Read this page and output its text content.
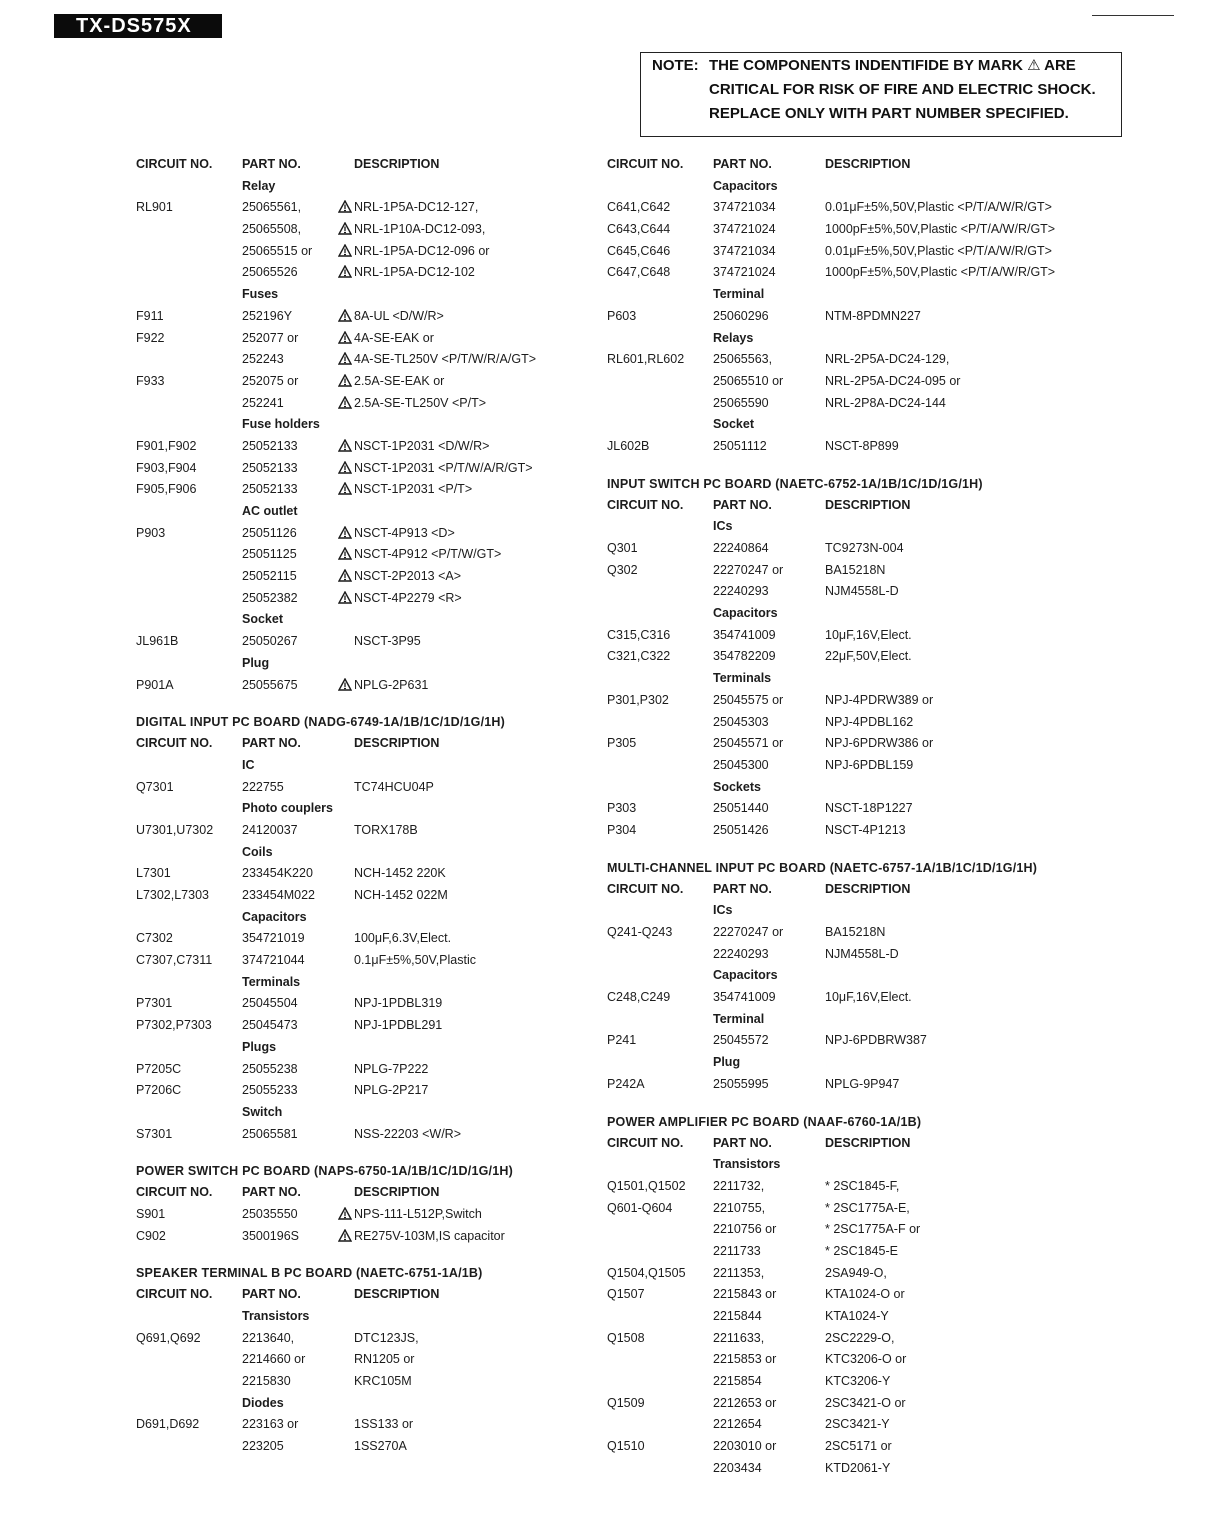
TX-DS575X
NOTE: THE COMPONENTS INDENTIFIDE BY MARK ⚠ ARE
CRITICAL FOR RISK OF FIRE AND ELECTRIC SHOCK.
REPLACE ONLY WITH PART NUMBER SPECIFIED.
CIRCUIT NO.	PART NO.	DESCRIPTION
Relay
RL901	25065561,	NRL-1P5A-DC12-127,
25065508,	NRL-1P10A-DC12-093,
25065515 or	NRL-1P5A-DC12-096 or
25065526	NRL-1P5A-DC12-102
Fuses
F911	252196Y	8A-UL <D/W/R>
F922	252077 or	4A-SE-EAK or
252243	4A-SE-TL250V <P/T/W/R/A/GT>
F933	252075 or	2.5A-SE-EAK or
252241	2.5A-SE-TL250V <P/T>
Fuse holders
F901,F902	25052133	NSCT-1P2031 <D/W/R>
F903,F904	25052133	NSCT-1P2031 <P/T/W/A/R/GT>
F905,F906	25052133	NSCT-1P2031 <P/T>
AC outlet
P903	25051126	NSCT-4P913 <D>
25051125	NSCT-4P912 <P/T/W/GT>
25052115	NSCT-2P2013 <A>
25052382	NSCT-4P2279 <R>
Socket
JL961B	25050267	NSCT-3P95
Plug
P901A	25055675	NPLG-2P631
DIGITAL INPUT PC BOARD (NADG-6749-1A/1B/1C/1D/1G/1H)
CIRCUIT NO.	PART NO.	DESCRIPTION
IC
Q7301	222755	TC74HCU04P
Photo couplers
U7301,U7302	24120037	TORX178B
Coils
L7301	233454K220	NCH-1452 220K
L7302,L7303	233454M022	NCH-1452 022M
Capacitors
C7302	354721019	100μF,6.3V,Elect.
C7307,C7311	374721044	0.1μF±5%,50V,Plastic
Terminals
P7301	25045504	NPJ-1PDBL319
P7302,P7303	25045473	NPJ-1PDBL291
Plugs
P7205C	25055238	NPLG-7P222
P7206C	25055233	NPLG-2P217
Switch
S7301	25065581	NSS-22203 <W/R>
POWER SWITCH PC BOARD (NAPS-6750-1A/1B/1C/1D/1G/1H)
CIRCUIT NO.	PART NO.	DESCRIPTION
S901	25035550	NPS-111-L512P,Switch
C902	3500196S	RE275V-103M,IS capacitor
SPEAKER TERMINAL B PC BOARD (NAETC-6751-1A/1B)
CIRCUIT NO.	PART NO.	DESCRIPTION
Transistors
Q691,Q692	2213640,	DTC123JS,
2214660 or	RN1205 or
2215830	KRC105M
Diodes
D691,D692	223163 or	1SS133 or
223205	1SS270A
CIRCUIT NO.	PART NO.	DESCRIPTION
Capacitors
C641,C642	374721034	0.01μF±5%,50V,Plastic <P/T/A/W/R/GT>
C643,C644	374721024	1000pF±5%,50V,Plastic <P/T/A/W/R/GT>
C645,C646	374721034	0.01μF±5%,50V,Plastic <P/T/A/W/R/GT>
C647,C648	374721024	1000pF±5%,50V,Plastic <P/T/A/W/R/GT>
Terminal
P603	25060296	NTM-8PDMN227
Relays
RL601,RL602	25065563,	NRL-2P5A-DC24-129,
25065510 or	NRL-2P5A-DC24-095 or
25065590	NRL-2P8A-DC24-144
Socket
JL602B	25051112	NSCT-8P899
INPUT SWITCH PC BOARD (NAETC-6752-1A/1B/1C/1D/1G/1H)
CIRCUIT NO.	PART NO.	DESCRIPTION
ICs
Q301	22240864	TC9273N-004
Q302	22270247 or	BA15218N
22240293	NJM4558L-D
Capacitors
C315,C316	354741009	10μF,16V,Elect.
C321,C322	354782209	22μF,50V,Elect.
Terminals
P301,P302	25045575 or	NPJ-4PDRW389 or
25045303	NPJ-4PDBL162
P305	25045571 or	NPJ-6PDRW386 or
25045300	NPJ-6PDBL159
Sockets
P303	25051440	NSCT-18P1227
P304	25051426	NSCT-4P1213
MULTI-CHANNEL INPUT PC BOARD (NAETC-6757-1A/1B/1C/1D/1G/1H)
CIRCUIT NO.	PART NO.	DESCRIPTION
ICs
Q241-Q243	22270247 or	BA15218N
22240293	NJM4558L-D
Capacitors
C248,C249	354741009	10μF,16V,Elect.
Terminal
P241	25045572	NPJ-6PDBRW387
Plug
P242A	25055995	NPLG-9P947
POWER AMPLIFIER PC BOARD (NAAF-6760-1A/1B)
CIRCUIT NO.	PART NO.	DESCRIPTION
Transistors
Q1501,Q1502	2211732,	* 2SC1845-F,
Q601-Q604	2210755,	* 2SC1775A-E,
2210756 or	* 2SC1775A-F or
2211733	* 2SC1845-E
Q1504,Q1505	2211353,	2SA949-O,
Q1507	2215843 or	KTA1024-O or
2215844	KTA1024-Y
Q1508	2211633,	2SC2229-O,
2215853 or	KTC3206-O or
2215854	KTC3206-Y
Q1509	2212653 or	2SC3421-O or
2212654	2SC3421-Y
Q1510	2203010 or	2SC5171 or
2203434	KTD2061-Y
